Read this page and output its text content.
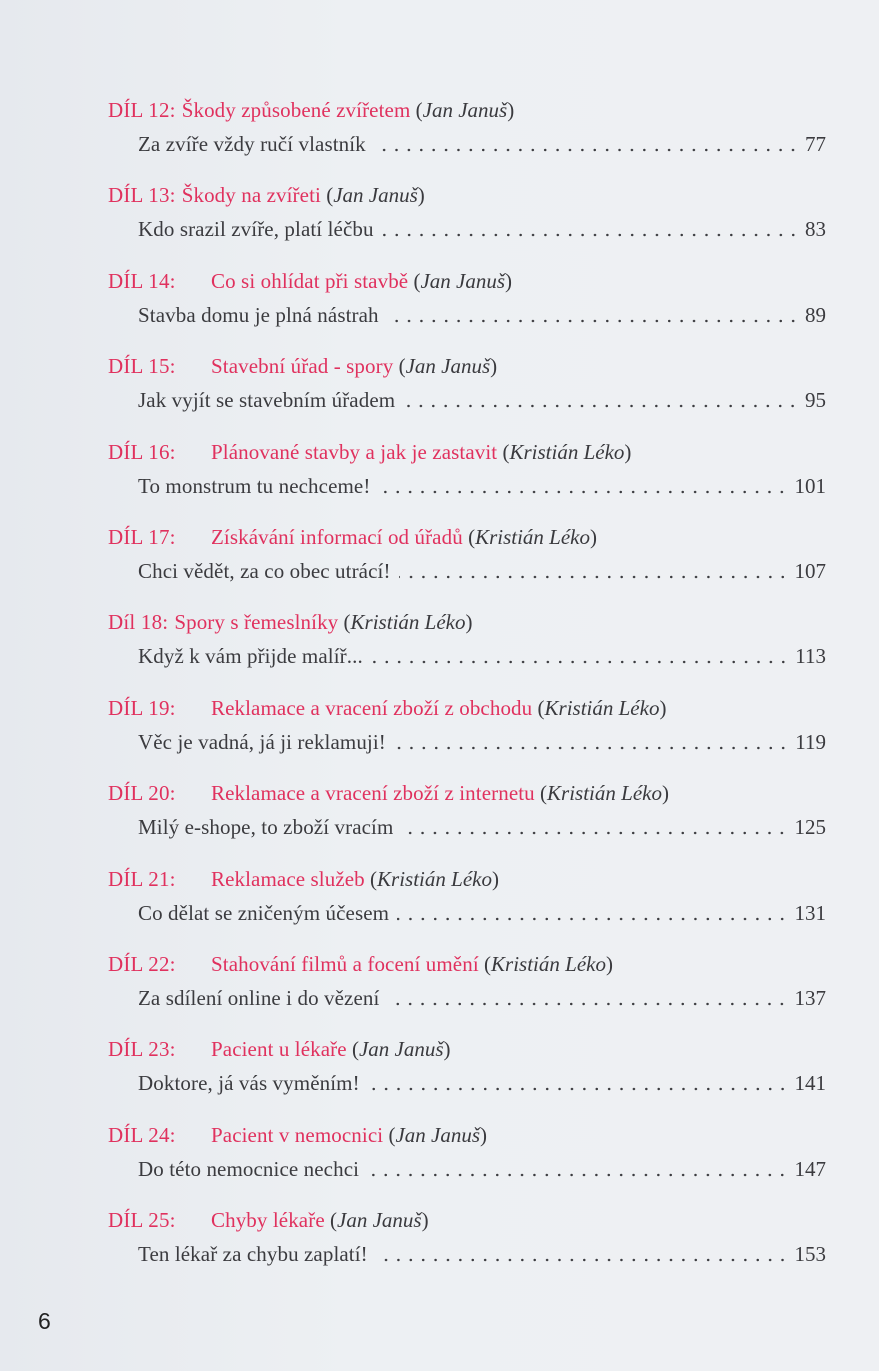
DÍL 12: Škody způsobené zvířetem (Jan Januš)
Za zvíře vždy ručí vlastník	77
DÍL 13: Škody na zvířeti (Jan Januš)
Kdo srazil zvíře, platí léčbu	83
DÍL 14: Co si ohlídat při stavbě (Jan Januš)
Stavba domu je plná nástrah	89
DÍL 15: Stavební úřad - spory (Jan Januš)
Jak vyjít se stavebním úřadem	95
DÍL 16: Plánované stavby a jak je zastavit (Kristián Léko)
To monstrum tu nechceme!	101
DÍL 17: Získávání informací od úřadů (Kristián Léko)
Chci vědět, za co obec utrácí!	107
Díl 18: Spory s řemeslníky (Kristián Léko)
Když k vám přijde malíř...	113
DÍL 19: Reklamace a vracení zboží z obchodu (Kristián Léko)
Věc je vadná, já ji reklamuji!	119
DÍL 20: Reklamace a vracení zboží z internetu (Kristián Léko)
Milý e-shope, to zboží vracím	125
DÍL 21: Reklamace služeb (Kristián Léko)
Co dělat se zničeným účesem	131
DÍL 22: Stahování filmů a focení umění (Kristián Léko)
Za sdílení online i do vězení	137
DÍL 23: Pacient u lékaře (Jan Januš)
Doktore, já vás vyměním!	141
DÍL 24: Pacient v nemocnici (Jan Januš)
Do této nemocnice nechci	147
DÍL 25: Chyby lékaře (Jan Januš)
Ten lékař za chybu zaplatí!	153
6
